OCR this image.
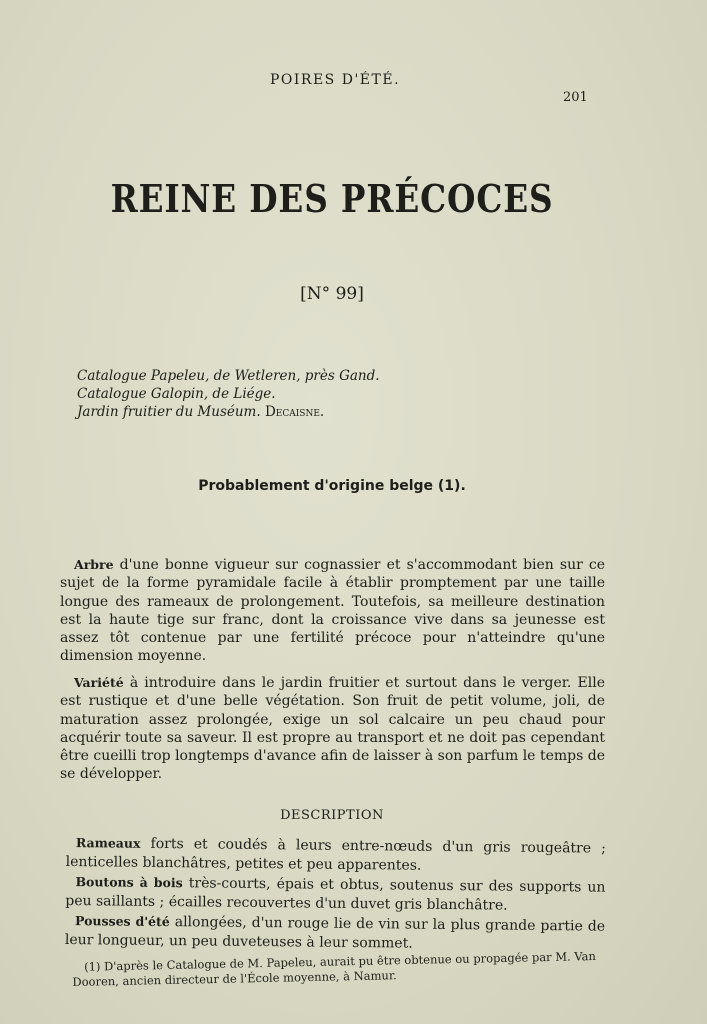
POIRES D'ÉTÉ.
201
REINE DES PRÉCOCES
[N° 99]
Catalogue Papeleu, de Wetleren, près Gand.
Catalogue Galopin, de Liége.
Jardin fruitier du Muséum. Decaisne.
Probablement d'origine belge (1).

Arbre d'une bonne vigueur sur cognassier et s'accommodant bien sur ce sujet de la forme pyramidale facile à établir promptement par une taille longue des rameaux de prolongement. Toutefois, sa meilleure destination est la haute tige sur franc, dont la croissance vive dans sa jeunesse est assez tôt contenue par une fertilité précoce pour n'atteindre qu'une dimension moyenne.

Variété à introduire dans le jardin fruitier et surtout dans le verger. Elle est rustique et d'une belle végétation. Son fruit de petit volume, joli, de maturation assez prolongée, exige un sol calcaire un peu chaud pour acquérir toute sa saveur. Il est propre au transport et ne doit pas cependant être cueilli trop longtemps d'avance afin de laisser à son parfum le temps de se développer.

DESCRIPTION

Rameaux forts et coudés à leurs entre-nœuds d'un gris rougeâtre ; lenticelles blanchâtres, petites et peu apparentes.

Boutons à bois très-courts, épais et obtus, soutenus sur des supports un peu saillants ; écailles recouvertes d'un duvet gris blanchâtre.

Pousses d'été allongées, d'un rouge lie de vin sur la plus grande partie de leur longueur, un peu duveteuses à leur sommet.

(1) D'après le Catalogue de M. Papeleu, aurait pu être obtenue ou propagée par M. Van Dooren, ancien directeur de l'École moyenne, à Namur.
